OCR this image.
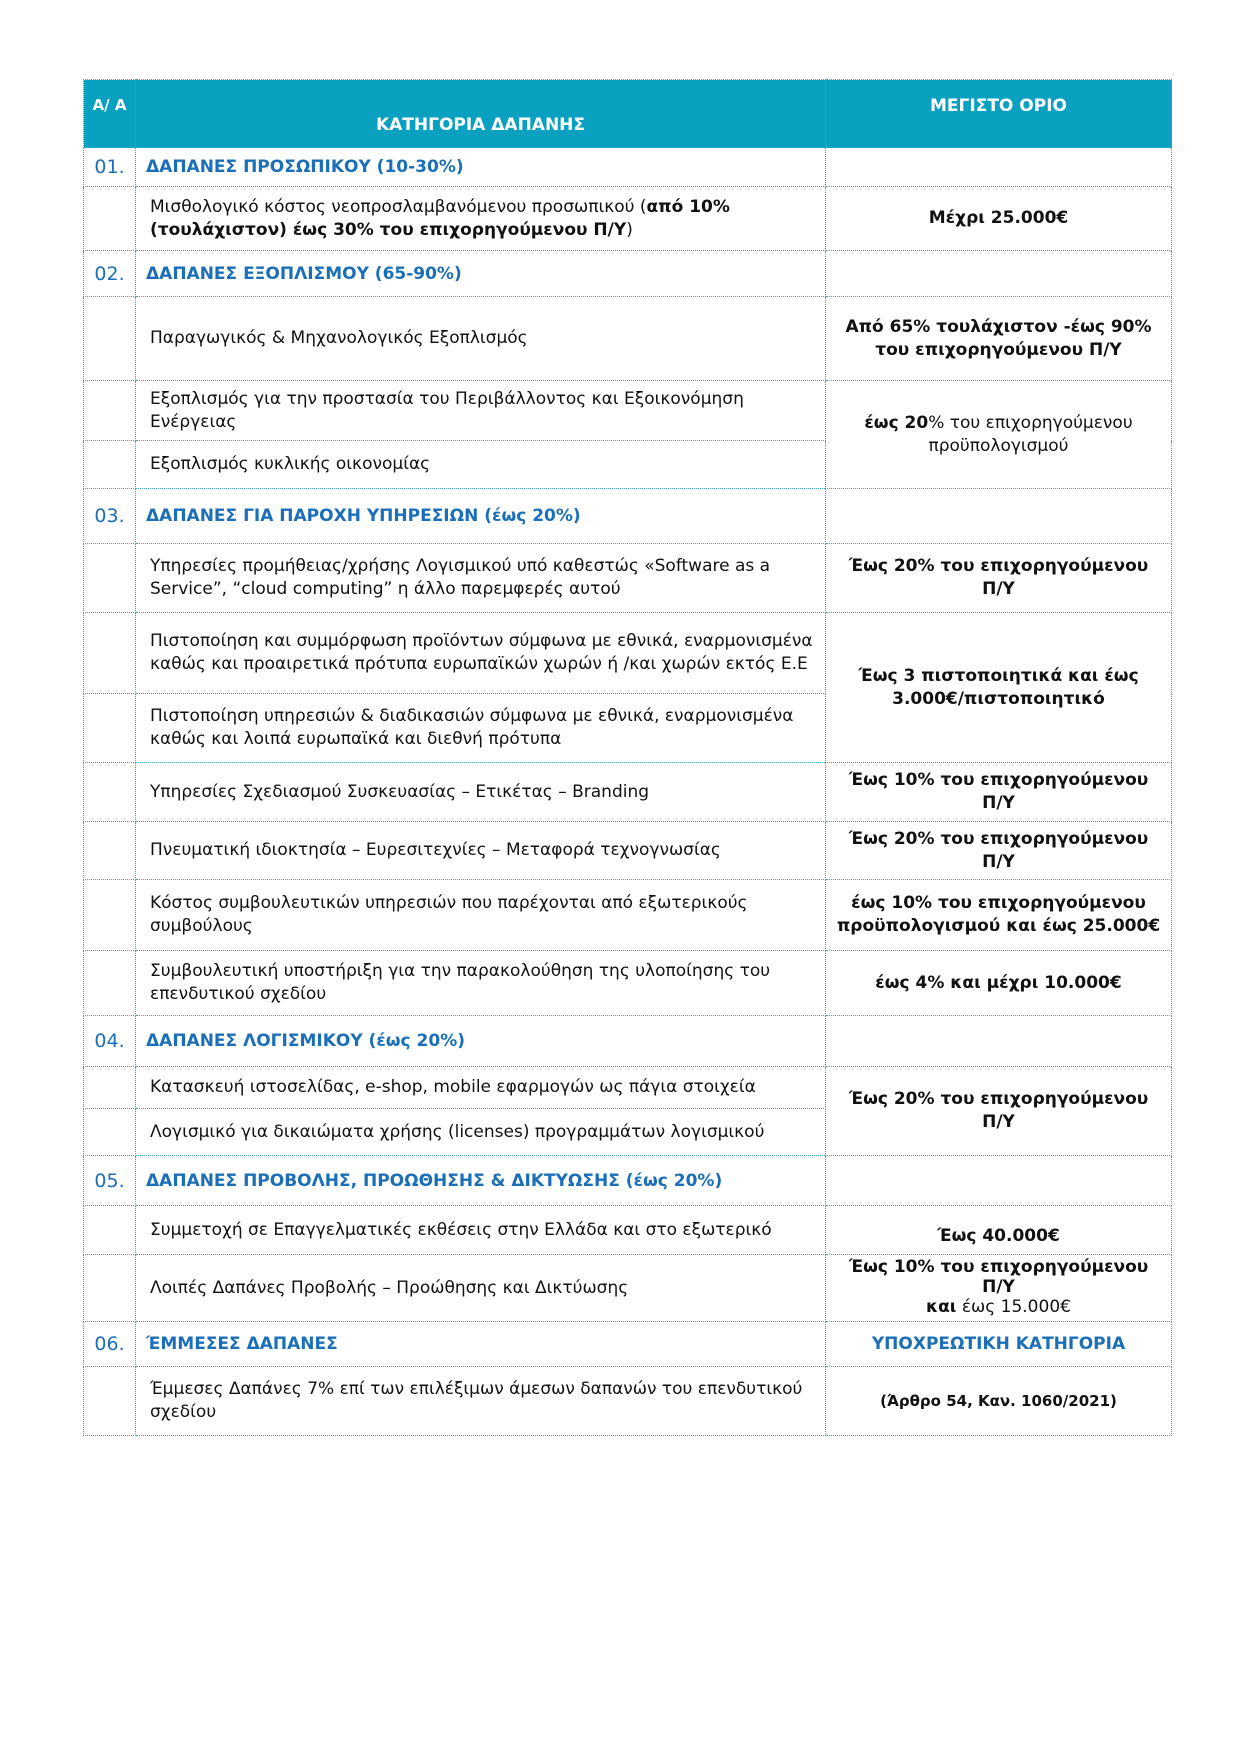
Α/ Α	ΚΑΤΗΓΟΡΙΑ ΔΑΠΑΝΗΣ	ΜΕΓΙΣΤΟ ΟΡΙΟ
01.	ΔΑΠΑΝΕΣ ΠΡΟΣΩΠΙΚΟΥ (10-30%)	
	Μισθολογικό κόστος νεοπροσλαμβανόμενου προσωπικού (από 10% (τουλάχιστον) έως 30% του επιχορηγούμενου Π/Υ)	Μέχρι 25.000€
02.	ΔΑΠΑΝΕΣ ΕΞΟΠΛΙΣΜΟΥ (65-90%)	
	Παραγωγικός & Μηχανολογικός Εξοπλισμός	Από 65% τουλάχιστον -έως 90% του επιχορηγούμενου Π/Υ
	Εξοπλισμός για την προστασία του Περιβάλλοντος και Εξοικονόμηση Ενέργειας	έως 20% του επιχορηγούμενου προϋπολογισμού
	Εξοπλισμός κυκλικής οικονομίας	
03.	ΔΑΠΑΝΕΣ ΓΙΑ ΠΑΡΟΧΗ ΥΠΗΡΕΣΙΩΝ (έως 20%)	
	Υπηρεσίες προμήθειας/χρήσης Λογισμικού υπό καθεστώς «Software as a Service”, “cloud computing” η άλλο παρεμφερές αυτού	Έως 20% του επιχορηγούμενου Π/Υ
	Πιστοποίηση και συμμόρφωση προϊόντων σύμφωνα με εθνικά, εναρμονισμένα καθώς και προαιρετικά πρότυπα ευρωπαϊκών χωρών ή /και χωρών εκτός Ε.Ε	Έως 3 πιστοποιητικά και έως 3.000€/πιστοποιητικό
	Πιστοποίηση υπηρεσιών & διαδικασιών σύμφωνα με εθνικά, εναρμονισμένα καθώς και λοιπά ευρωπαϊκά και διεθνή πρότυπα	
	Υπηρεσίες Σχεδιασμού Συσκευασίας – Ετικέτας – Branding	Έως 10% του επιχορηγούμενου Π/Υ
	Πνευματική ιδιοκτησία – Ευρεσιτεχνίες – Μεταφορά τεχνογνωσίας	Έως 20% του επιχορηγούμενου Π/Υ
	Κόστος συμβουλευτικών υπηρεσιών που παρέχονται από εξωτερικούς συμβούλους	έως 10% του επιχορηγούμενου προϋπολογισμού και έως 25.000€
	Συμβουλευτική υποστήριξη για την παρακολούθηση της υλοποίησης του επενδυτικού σχεδίου	έως 4% και μέχρι 10.000€
04.	ΔΑΠΑΝΕΣ ΛΟΓΙΣΜΙΚΟΥ (έως 20%)	
	Κατασκευή ιστοσελίδας, e-shop, mobile εφαρμογών ως πάγια στοιχεία	Έως 20% του επιχορηγούμενου Π/Υ
	Λογισμικό για δικαιώματα χρήσης (licenses) προγραμμάτων λογισμικού	
05.	ΔΑΠΑΝΕΣ ΠΡΟΒΟΛΗΣ, ΠΡΟΩΘΗΣΗΣ & ΔΙΚΤΥΩΣΗΣ (έως 20%)	
	Συμμετοχή σε Επαγγελματικές εκθέσεις στην Ελλάδα και στο εξωτερικό	Έως 40.000€
	Λοιπές Δαπάνες Προβολής – Προώθησης και Δικτύωσης	Έως 10% του επιχορηγούμενου Π/Υ
και έως 15.000€
06.	ΈΜΜΕΣΕΣ ΔΑΠΑΝΕΣ	ΥΠΟΧΡΕΩΤΙΚΗ ΚΑΤΗΓΟΡΙΑ
	Έμμεσες Δαπάνες 7% επί των επιλέξιμων άμεσων δαπανών του επενδυτικού σχεδίου	(Άρθρο 54, Καν. 1060/2021)
